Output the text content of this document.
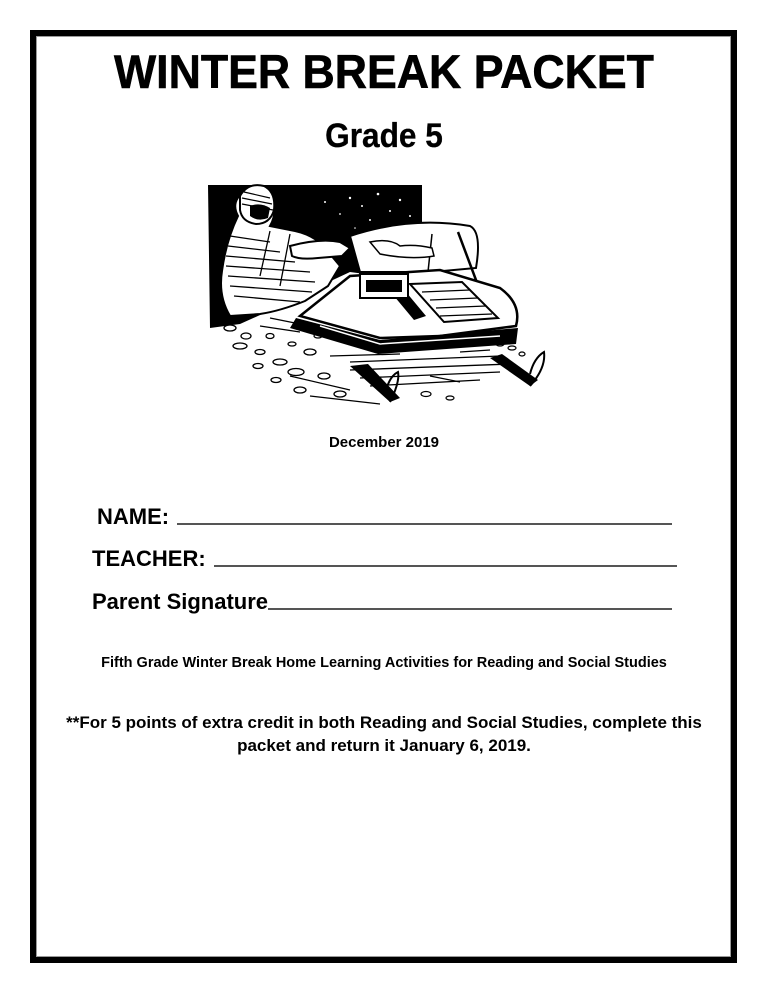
WINTER BREAK PACKET
Grade 5
December 2019
NAME:
TEACHER:
Parent Signature
Fifth Grade Winter Break Home Learning Activities for Reading and Social Studies
**For 5 points of extra credit in both Reading and Social Studies, complete this
packet and return it January 6, 2019.
